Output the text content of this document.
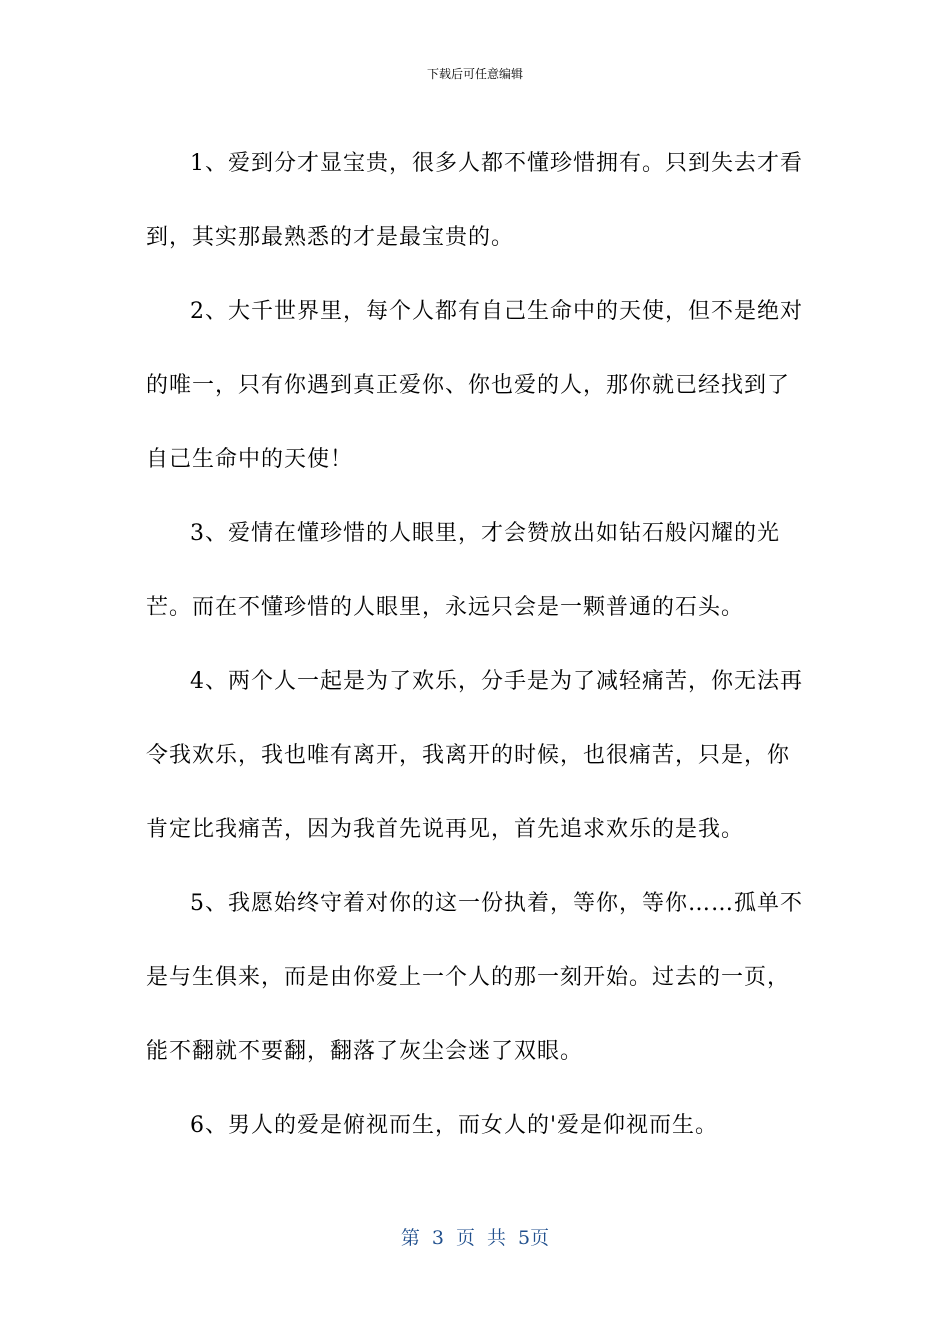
下载后可任意编辑

1、爱到分才显宝贵，很多人都不懂珍惜拥有。只到失去才看到，其实那最熟悉的才是最宝贵的。

2、大千世界里，每个人都有自己生命中的天使，但不是绝对的唯一，只有你遇到真正爱你、你也爱的人，那你就已经找到了自己生命中的天使！

3、爱情在懂珍惜的人眼里，才会赞放出如钻石般闪耀的光芒。而在不懂珍惜的人眼里，永远只会是一颗普通的石头。

4、两个人一起是为了欢乐，分手是为了减轻痛苦，你无法再令我欢乐，我也唯有离开，我离开的时候，也很痛苦，只是，你肯定比我痛苦，因为我首先说再见，首先追求欢乐的是我。

5、我愿始终守着对你的这一份执着，等你，等你……孤单不是与生俱来，而是由你爱上一个人的那一刻开始。过去的一页，能不翻就不要翻，翻落了灰尘会迷了双眼。

6、男人的爱是俯视而生，而女人的'爱是仰视而生。

第 3 页 共 5页
